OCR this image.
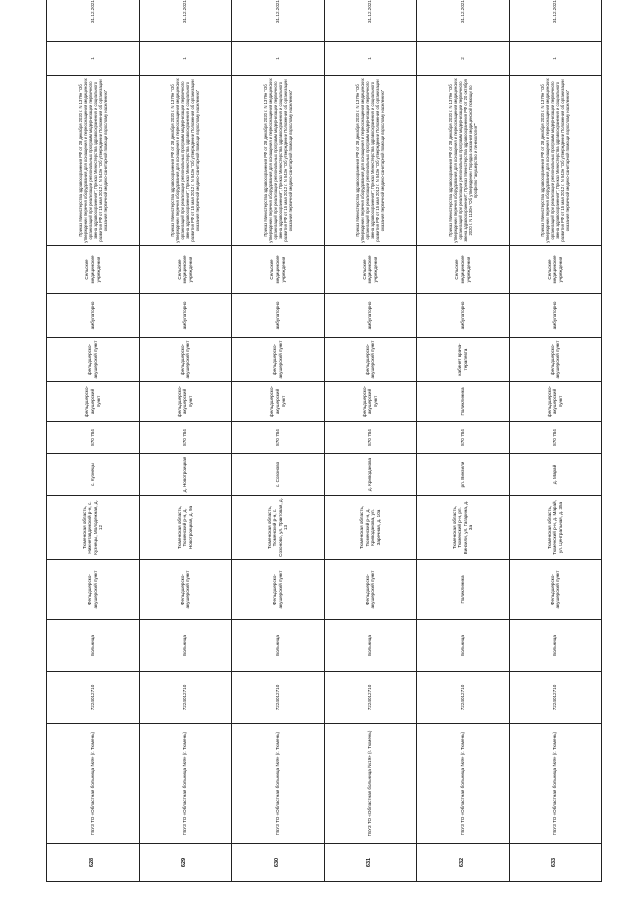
628	ГБУЗ ТО «Областная больница №9» (г. Тюмень)	7224012710	Больница	Фельдшерско-акушерский пункт	Тюменская область, Нижнетавдинский р-н, с. Кузнецы, Молодежная, д. 12	с. Кузнецы	870 784	фельдшерско-акушерский пункт	фельдшерско-акушерский пункт	амбулаторно	Сельские медицинские учреждения	Приказ Министерства здравоохранения РФ от 28 декабря 2020 г. N 1379н "Об утверждении перечня оборудования для оснащения и переоснащения медицинских организаций при реализации региональных программ модернизации первичного звена здравоохранения"; Приказ Министерства здравоохранения и социального развития РФ от 15 мая 2012 г. N 543н "Об утверждении Положения об организации оказания первичной медико-санитарной помощи взрослому населению"	1	31.12.2021
629	ГБУЗ ТО «Областная больница №9» (г. Тюмень)	7224012710	Больница	Фельдшерско-акушерский пункт	Тюменская область, Тюменский р-н, д. Новотроицкая, д. 9а	д. Новотроицкая	870 784	фельдшерско-акушерский пункт	фельдшерско-акушерский пункт	амбулаторно	Сельские медицинские учреждения	Приказ Министерства здравоохранения РФ от 28 декабря 2020 г. N 1379н "Об утверждении перечня оборудования для оснащения и переоснащения медицинских организаций при реализации региональных программ модернизации первичного звена здравоохранения"; Приказ Министерства здравоохранения и социального развития РФ от 15 мая 2012 г. N 543н "Об утверждении Положения об организации оказания первичной медико-санитарной помощи взрослому населению"	1	31.12.2021
630	ГБУЗ ТО «Областная больница №9» (г. Тюмень)	7224012710	Больница	Фельдшерско-акушерский пункт	Тюменская область, Тюменский р-н, с. Созоново, ул. Трактовая, д. 13	с. Созоново	870 784	фельдшерско-акушерский пункт	фельдшерско-акушерский пункт	амбулаторно	Сельские медицинские учреждения	Приказ Министерства здравоохранения РФ от 28 декабря 2020 г. N 1379н "Об утверждении перечня оборудования для оснащения и переоснащения медицинских организаций при реализации региональных программ модернизации первичного звена здравоохранения"; Приказ Министерства здравоохранения и социального развития РФ от 15 мая 2012 г. N 543н "Об утверждении Положения об организации оказания первичной медико-санитарной помощи взрослому населению"	1	31.12.2021
631	ГБУЗ ТО «Областная больница №19» (г. Тюмень)	7224012710	Больница	Фельдшерско-акушерский пункт	Тюменская область, Тюменский р-н, д. Криводанова, ул. Заречная, д. 10а	д. Криводанова	870 784	фельдшерско-акушерский пункт	фельдшерско-акушерский пункт	амбулаторно	Сельские медицинские учреждения	Приказ Министерства здравоохранения РФ от 28 декабря 2020 г. N 1379н "Об утверждении перечня оборудования для оснащения и переоснащения медицинских организаций при реализации региональных программ модернизации первичного звена здравоохранения"; Приказ Министерства здравоохранения и социального развития РФ от 15 мая 2012 г. N 543н "Об утверждении Положения об организации оказания первичной медико-санитарной помощи взрослому населению"	1	31.12.2021
632	ГБУЗ ТО «Областная больница №9» (г. Тюмень)	7224012710	Больница	Поликлиника	Тюменская область, Тюменский р-н, рп. Винзили, ул. Гагарина, д. 3а	рп. Винзили	870 784	Поликлиника	кабинет врача-терапевта	амбулаторно	Сельские медицинские учреждения	Приказ Министерства здравоохранения РФ от 28 декабря 2020 г. N 1379н "Об утверждении перечня оборудования для оснащения и переоснащения медицинских организаций при реализации региональных программ модернизации первичного звена здравоохранения"; Приказ Министерства здравоохранения РФ от 20 октября 2020 г. N 1130н "Об утверждении Порядка оказания медицинской помощи по профилю "акушерство и гинекология""	2	31.12.2021
633	ГБУЗ ТО «Областная больница №9» (г. Тюмень)	7224012710	Больница	Фельдшерско-акушерский пункт	Тюменская область, Тюменский р-н, д. Марай, ул. Центральная, д. 35а	д. Марай	870 784	фельдшерско-акушерский пункт	фельдшерско-акушерский пункт	амбулаторно	Сельские медицинские учреждения	Приказ Министерства здравоохранения РФ от 28 декабря 2020 г. N 1379н "Об утверждении перечня оборудования для оснащения и переоснащения медицинских организаций при реализации региональных программ модернизации первичного звена здравоохранения"; Приказ Министерства здравоохранения и социального развития РФ от 15 мая 2012 г. N 543н "Об утверждении Положения об организации оказания первичной медико-санитарной помощи взрослому населению"	1	31.12.2021
